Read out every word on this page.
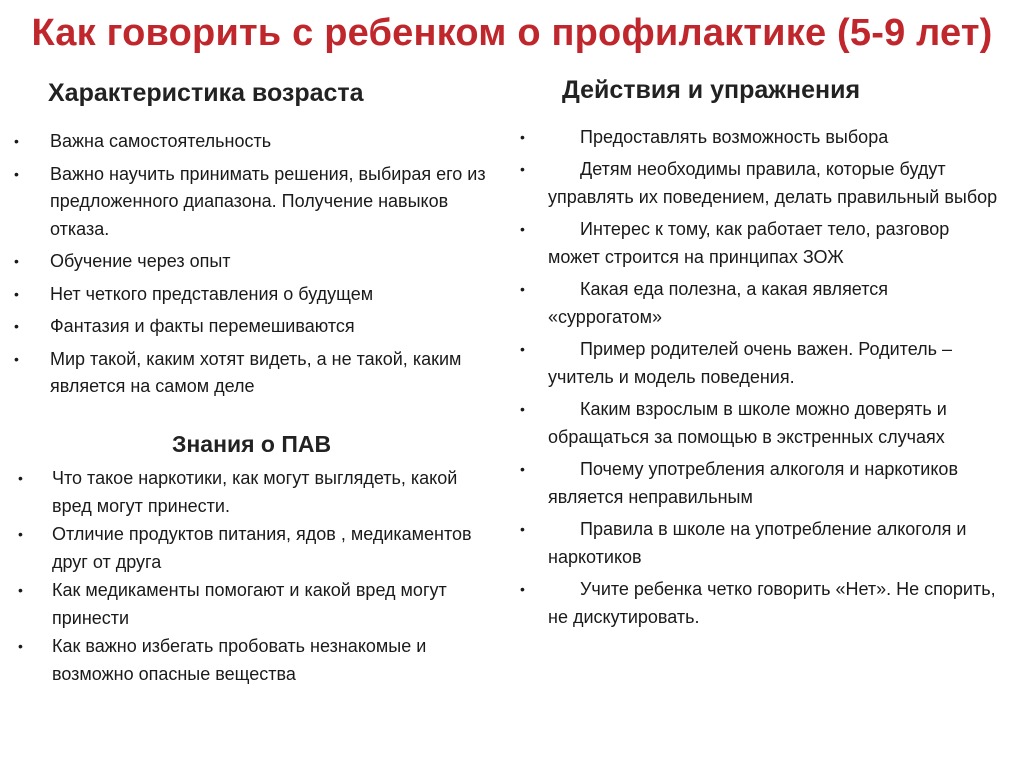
Как говорить с ребенком о профилактике (5-9 лет)
Характеристика возраста
• Важна самостоятельность
• Важно научить принимать решения, выбирая его из предложенного диапазона. Получение навыков отказа.
• Обучение через опыт
• Нет четкого представления о будущем
• Фантазия и факты перемешиваются
• Мир такой, каким хотят видеть, а не такой, каким является на самом деле
Знания о ПАВ
• Что такое наркотики, как могут выглядеть, какой вред могут принести.
• Отличие продуктов питания, ядов , медикаментов друг от друга
• Как медикаменты помогают и какой вред могут принести
• Как важно избегать пробовать незнакомые и возможно опасные вещества
Действия и упражнения
•	Предоставлять возможность выбора
•	Детям необходимы правила, которые будут управлять их поведением, делать правильный выбор
•	Интерес к тому, как работает тело, разговор может строится на принципах ЗОЖ
•	Какая еда полезна, а какая является «суррогатом»
•	Пример родителей очень важен. Родитель – учитель и модель поведения.
•	Каким взрослым в школе можно доверять и обращаться за помощью в экстренных случаях
•	Почему употребления алкоголя и наркотиков является неправильным
•	Правила в школе на употребление алкоголя и наркотиков
•	Учите ребенка четко говорить «Нет». Не спорить, не дискутировать.
